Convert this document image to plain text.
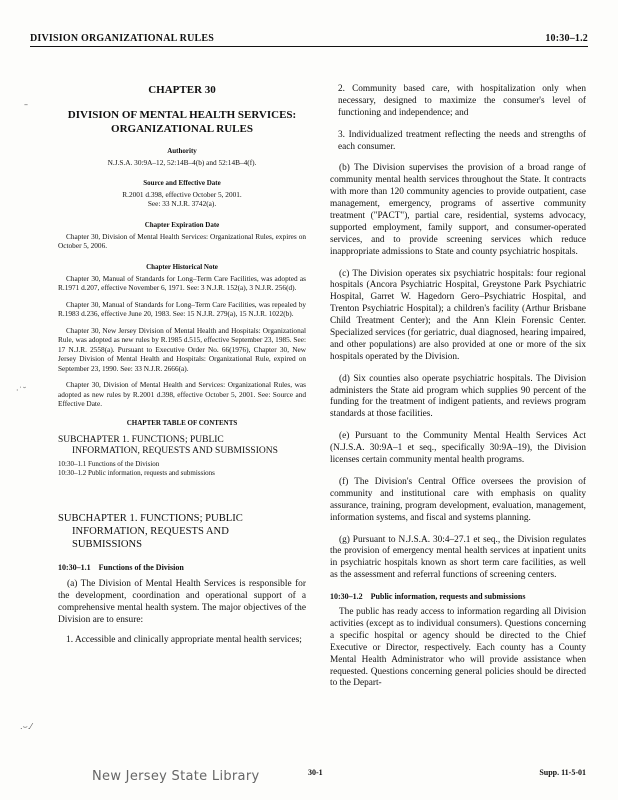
DIVISION ORGANIZATIONAL RULES	10:30–1.2
–
·˙˘
.⌣.⁄

CHAPTER 30

DIVISION OF MENTAL HEALTH SERVICES:
ORGANIZATIONAL RULES

Authority

N.J.S.A. 30:9A–12, 52:14B–4(b) and 52:14B–4(f).

Source and Effective Date

R.2001 d.398, effective October 5, 2001.
See: 33 N.J.R. 3742(a).

Chapter Expiration Date

Chapter 30, Division of Mental Health Services: Organizational Rules, expires on October 5, 2006.

Chapter Historical Note

Chapter 30, Manual of Standards for Long–Term Care Facilities, was adopted as R.1971 d.207, effective November 6, 1971. See: 3 N.J.R. 152(a), 3 N.J.R. 256(d).

Chapter 30, Manual of Standards for Long–Term Care Facilities, was repealed by R.1983 d.236, effective June 20, 1983. See: 15 N.J.R. 279(a), 15 N.J.R. 1022(b).

Chapter 30, New Jersey Division of Mental Health and Hospitals: Organizational Rule, was adopted as new rules by R.1985 d.515, effective September 23, 1985. See: 17 N.J.R. 2558(a). Pursuant to Executive Order No. 66(1976), Chapter 30, New Jersey Division of Mental Health and Hospitals: Organizational Rule, expired on September 23, 1990. See: 33 N.J.R. 2666(a).

Chapter 30, Division of Mental Health and Services: Organizational Rules, was adopted as new rules by R.2001 d.398, effective October 5, 2001. See: Source and Effective Date.

CHAPTER TABLE OF CONTENTS

SUBCHAPTER 1. FUNCTIONS; PUBLIC
INFORMATION, REQUESTS AND SUBMISSIONS

10:30–1.1 Functions of the Division

10:30–1.2 Public information, requests and submissions

SUBCHAPTER 1. FUNCTIONS; PUBLIC
INFORMATION, REQUESTS AND
SUBMISSIONS

10:30–1.1 Functions of the Division

(a) The Division of Mental Health Services is responsible for the development, coordination and operational support of a comprehensive mental health system. The major objectives of the Division are to ensure:

1. Accessible and clinically appropriate mental health services;

2. Community based care, with hospitalization only when necessary, designed to maximize the consumer's level of functioning and independence; and

3. Individualized treatment reflecting the needs and strengths of each consumer.

(b) The Division supervises the provision of a broad range of community mental health services throughout the State. It contracts with more than 120 community agencies to provide outpatient, case management, emergency, programs of assertive community treatment ("PACT"), partial care, residential, systems advocacy, supported employment, family support, and consumer-operated services, and to provide screening services which reduce inappropriate admissions to State and county psychiatric hospitals.

(c) The Division operates six psychiatric hospitals: four regional hospitals (Ancora Psychiatric Hospital, Greystone Park Psychiatric Hospital, Garret W. Hagedorn Gero–Psychiatric Hospital, and Trenton Psychiatric Hospital); a children's facility (Arthur Brisbane Child Treatment Center); and the Ann Klein Forensic Center. Specialized services (for geriatric, dual diagnosed, hearing impaired, and other populations) are also provided at one or more of the six hospitals operated by the Division.

(d) Six counties also operate psychiatric hospitals. The Division administers the State aid program which supplies 90 percent of the funding for the treatment of indigent patients, and reviews program standards at those facilities.

(e) Pursuant to the Community Mental Health Services Act (N.J.S.A. 30:9A–1 et seq., specifically 30:9A–19), the Division licenses certain community mental health programs.

(f) The Division's Central Office oversees the provision of community and institutional care with emphasis on quality assurance, training, program development, evaluation, management, information systems, and fiscal and systems planning.

(g) Pursuant to N.J.S.A. 30:4–27.1 et seq., the Division regulates the provision of emergency mental health services at inpatient units in psychiatric hospitals known as short term care facilities, as well as the assessment and referral functions of screening centers.

10:30–1.2 Public information, requests and submissions

The public has ready access to information regarding all Division activities (except as to individual consumers). Questions concerning a specific hospital or agency should be directed to the Chief Executive or Director, respectively. Each county has a County Mental Health Administrator who will provide assistance when requested. Questions concerning general policies should be directed to the Depart-

New Jersey State Library	30-1	Supp. 11-5-01
